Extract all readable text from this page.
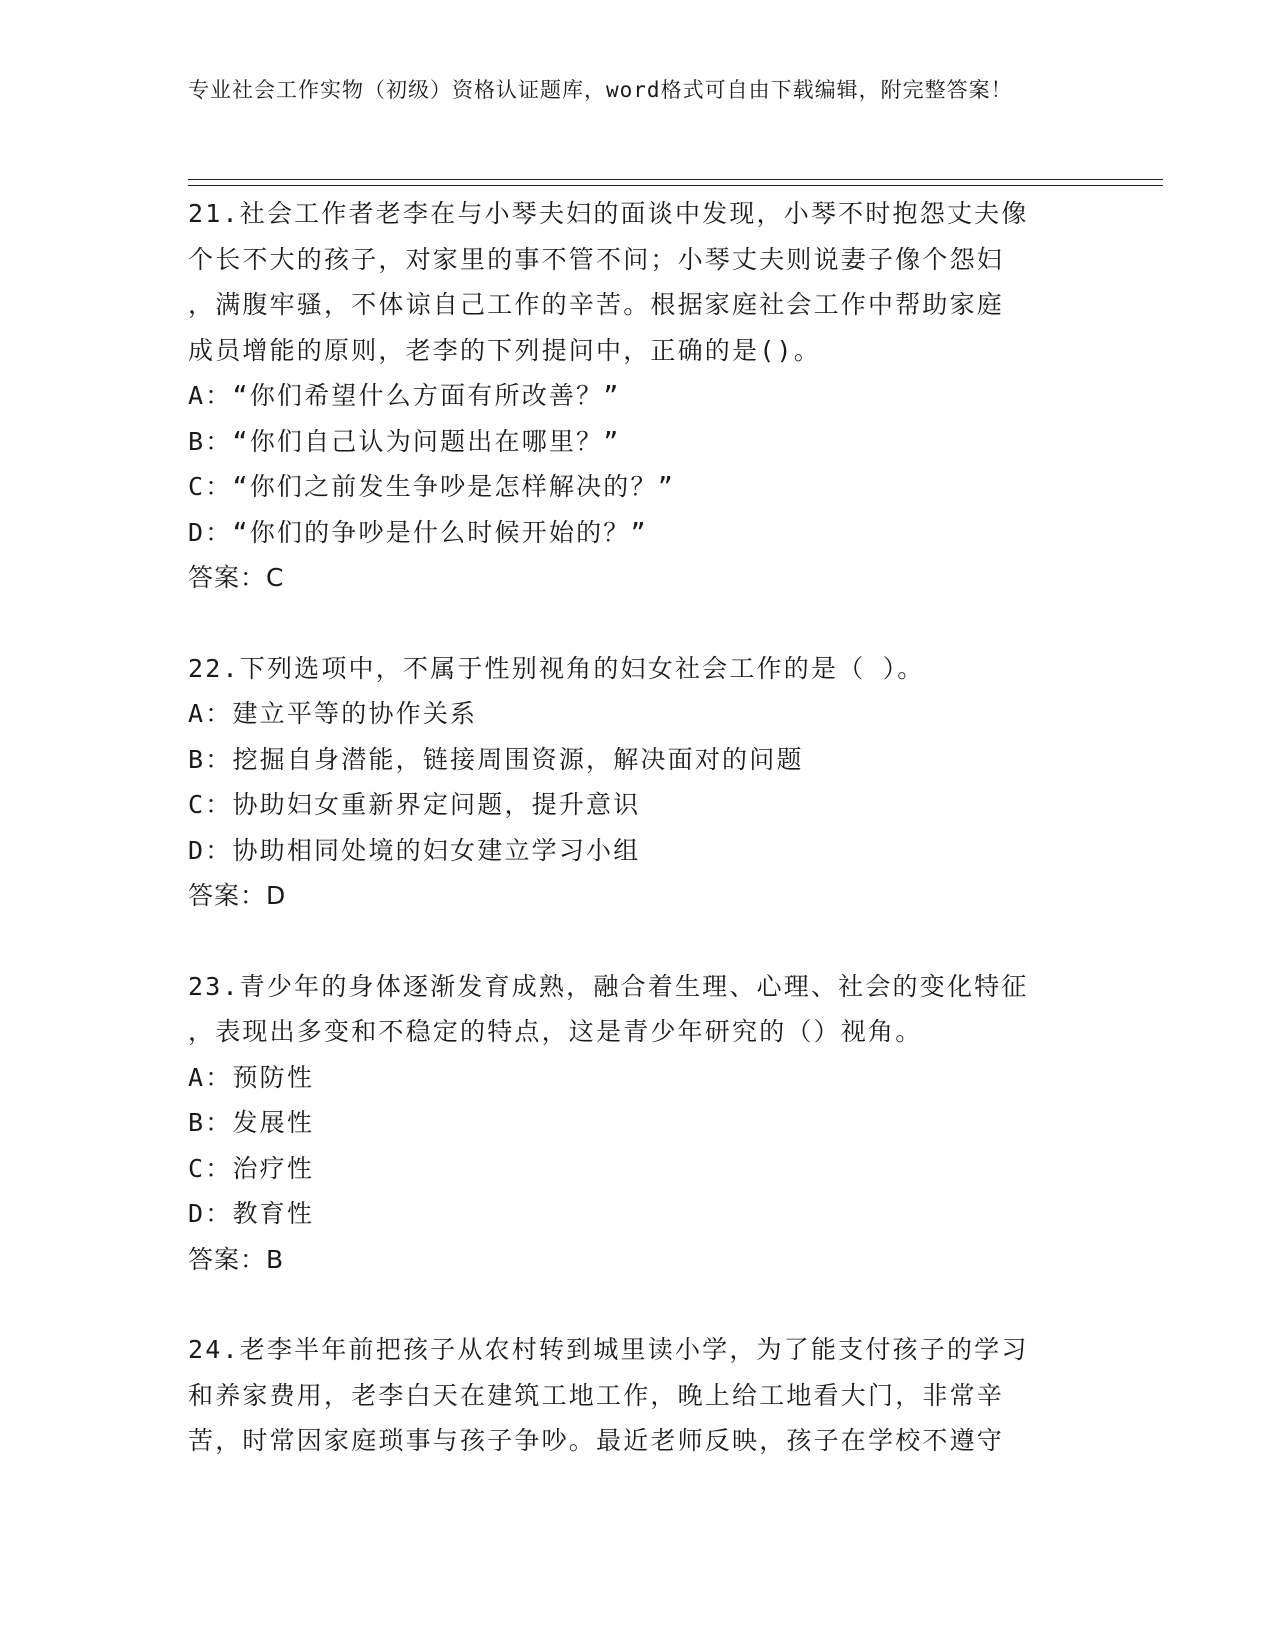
专业社会工作实物（初级）资格认证题库，word格式可自由下载编辑，附完整答案！

21.社会工作者老李在与小琴夫妇的面谈中发现，小琴不时抱怨丈夫像

个长不大的孩子，对家里的事不管不问；小琴丈夫则说妻子像个怨妇

，满腹牢骚，不体谅自己工作的辛苦。根据家庭社会工作中帮助家庭

成员增能的原则，老李的下列提问中，正确的是()。

A：“你们希望什么方面有所改善？”

B：“你们自己认为问题出在哪里？”

C：“你们之前发生争吵是怎样解决的？”

D：“你们的争吵是什么时候开始的？”

答案：C

22.下列选项中，不属于性别视角的妇女社会工作的是（ ）。

A：建立平等的协作关系

B：挖掘自身潜能，链接周围资源，解决面对的问题

C：协助妇女重新界定问题，提升意识

D：协助相同处境的妇女建立学习小组

答案：D

23.青少年的身体逐渐发育成熟，融合着生理、心理、社会的变化特征

，表现出多变和不稳定的特点，这是青少年研究的（）视角。

A：预防性

B：发展性

C：治疗性

D：教育性

答案：B

24.老李半年前把孩子从农村转到城里读小学，为了能支付孩子的学习

和养家费用，老李白天在建筑工地工作，晚上给工地看大门，非常辛

苦，时常因家庭琐事与孩子争吵。最近老师反映，孩子在学校不遵守
